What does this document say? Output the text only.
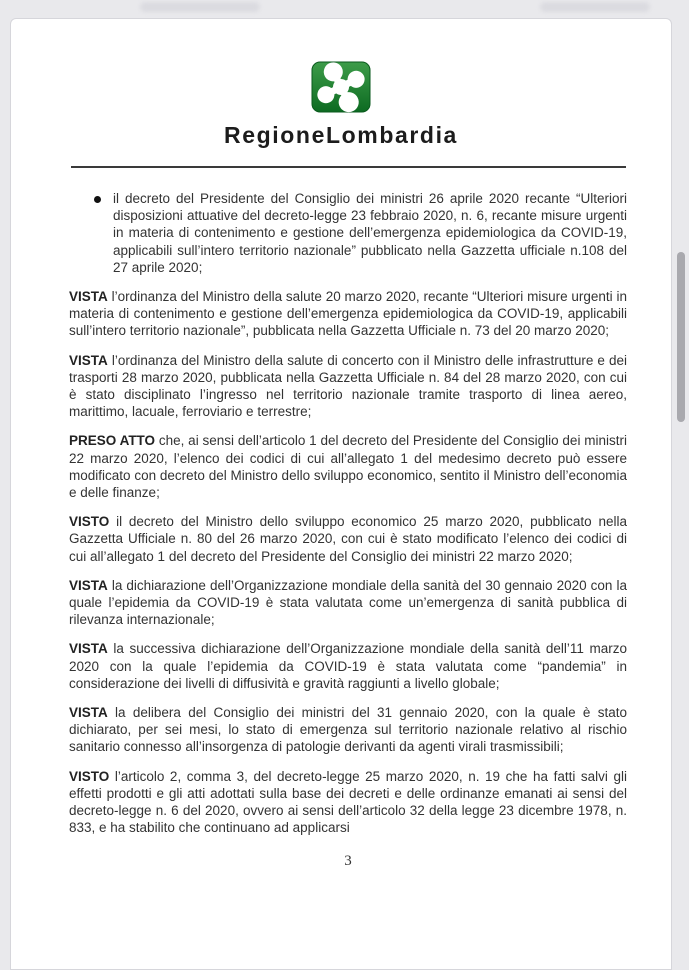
RegioneLombardia

il decreto del Presidente del Consiglio dei ministri 26 aprile 2020 recante “Ulteriori disposizioni attuative del decreto-legge 23 febbraio 2020, n. 6, recante misure urgenti in materia di contenimento e gestione dell’emergenza epidemiologica da COVID-19, applicabili sull’intero territorio nazionale” pubblicato nella Gazzetta ufficiale n.108 del 27 aprile 2020;

VISTA l’ordinanza del Ministro della salute 20 marzo 2020, recante “Ulteriori misure urgenti in materia di contenimento e gestione dell’emergenza epidemiologica da COVID-19, applicabili sull’intero territorio nazionale”, pubblicata nella Gazzetta Ufficiale n. 73 del 20 marzo 2020;

VISTA l’ordinanza del Ministro della salute di concerto con il Ministro delle infrastrutture e dei trasporti 28 marzo 2020, pubblicata nella Gazzetta Ufficiale n. 84 del 28 marzo 2020, con cui è stato disciplinato l’ingresso nel territorio nazionale tramite trasporto di linea aereo, marittimo, lacuale, ferroviario e terrestre;

PRESO ATTO che, ai sensi dell’articolo 1 del decreto del Presidente del Consiglio dei ministri 22 marzo 2020, l’elenco dei codici di cui all’allegato 1 del medesimo decreto può essere modificato con decreto del Ministro dello sviluppo economico, sentito il Ministro dell’economia e delle finanze;

VISTO il decreto del Ministro dello sviluppo economico 25 marzo 2020, pubblicato nella Gazzetta Ufficiale n. 80 del 26 marzo 2020, con cui è stato modificato l’elenco dei codici di cui all’allegato 1 del decreto del Presidente del Consiglio dei ministri 22 marzo 2020;

VISTA la dichiarazione dell’Organizzazione mondiale della sanità del 30 gennaio 2020 con la quale l’epidemia da COVID-19 è stata valutata come un’emergenza di sanità pubblica di rilevanza internazionale;

VISTA la successiva dichiarazione dell’Organizzazione mondiale della sanità dell’11 marzo 2020 con la quale l’epidemia da COVID-19 è stata valutata come “pandemia” in considerazione dei livelli di diffusività e gravità raggiunti a livello globale;

VISTA la delibera del Consiglio dei ministri del 31 gennaio 2020, con la quale è stato dichiarato, per sei mesi, lo stato di emergenza sul territorio nazionale relativo al rischio sanitario connesso all’insorgenza di patologie derivanti da agenti virali trasmissibili;

VISTO l’articolo 2, comma 3, del decreto-legge 25 marzo 2020, n. 19 che ha fatti salvi gli effetti prodotti e gli atti adottati sulla base dei decreti e delle ordinanze emanati ai sensi del decreto-legge n. 6 del 2020, ovvero ai sensi dell’articolo 32 della legge 23 dicembre 1978, n. 833, e ha stabilito che continuano ad applicarsi

3
